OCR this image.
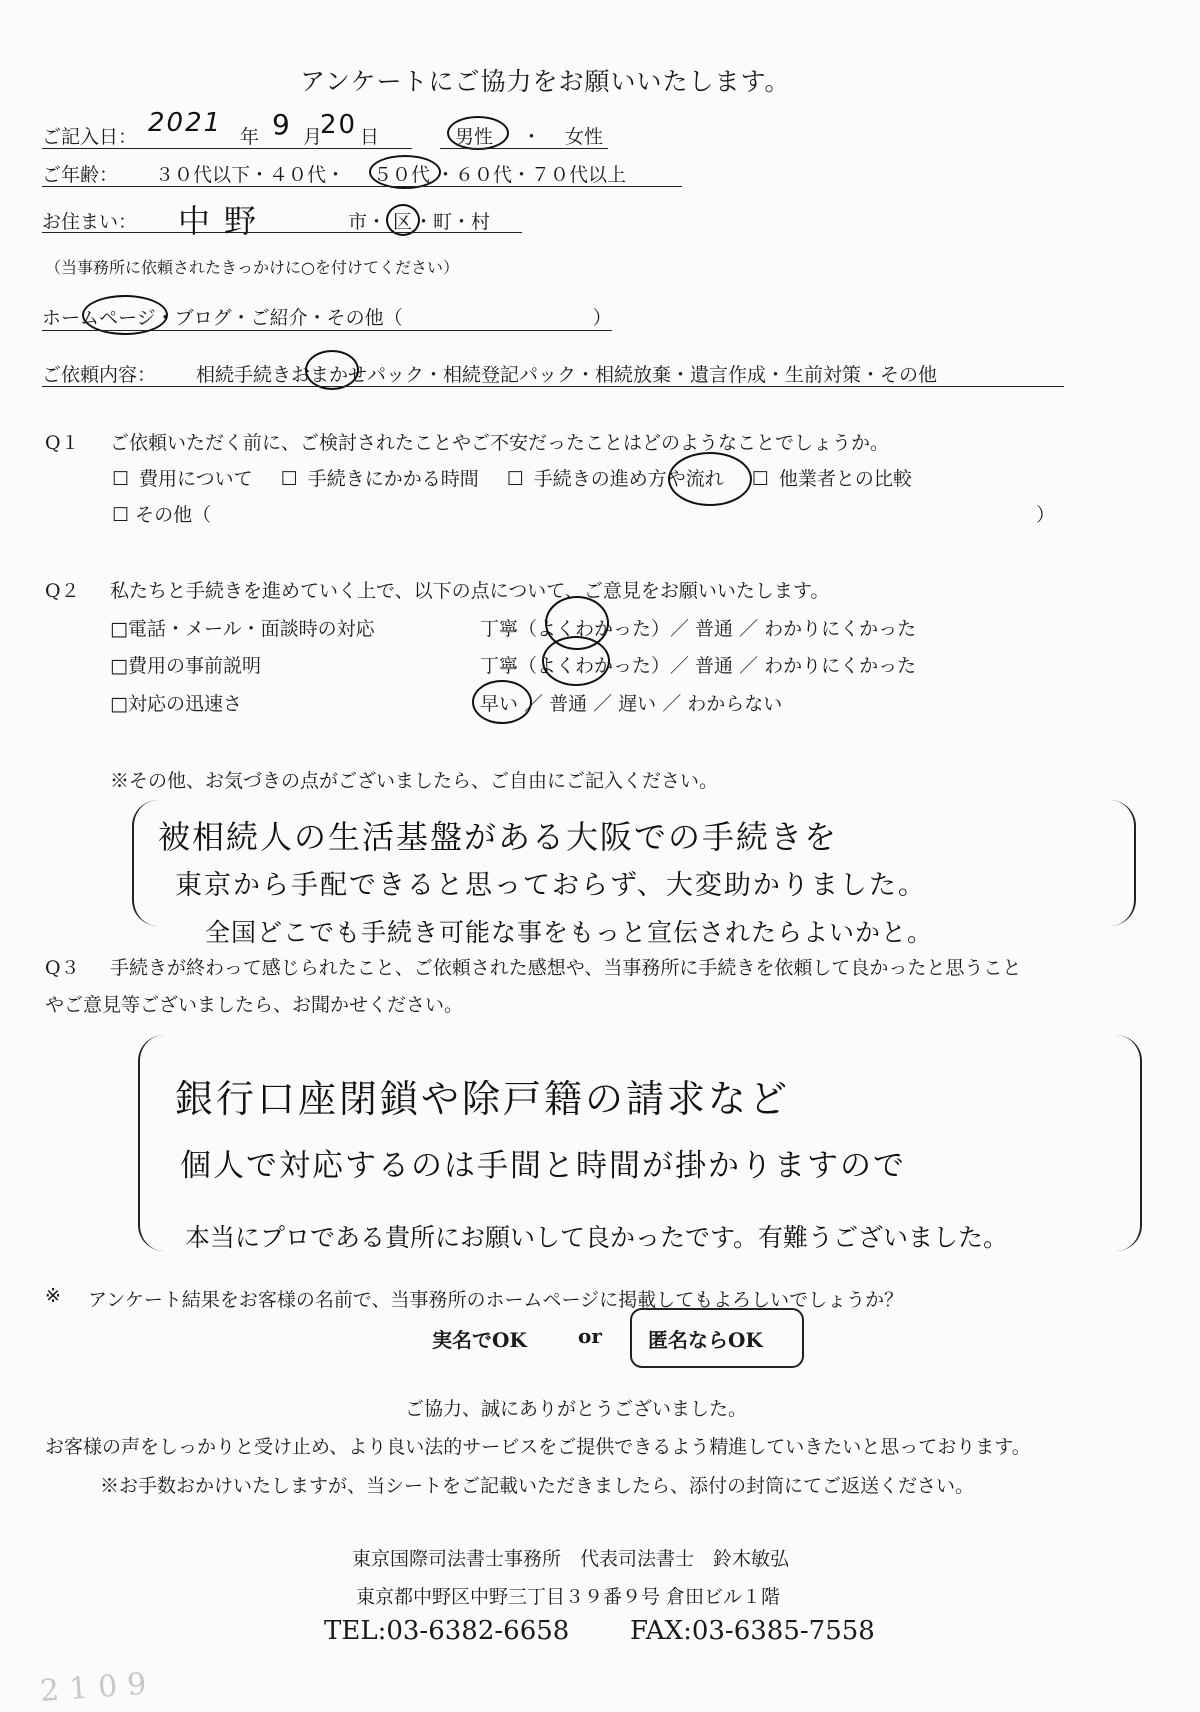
アンケートにご協力をお願いいたします。
ご記入日： 2021 年 9 月
20 日	男性 ・ 女性
ご年齢： ３０代以下・４０代・ ５０代 ・６０代・７０代以上
お住まい： 中野	市・ 区 ・町・村
（当事務所に依頼されたきっかけに○を付けてください）
ホームページ・ブログ・ご紹介・その他（　　　　　　　　　　）
ご依頼内容： 相続手続きおまかせパック・相続登記パック・相続放棄・遺言作成・生前対策・その他
Q１ ご依頼いただく前に、ご検討されたことやご不安だったことはどのようなことでしょうか。
☐ 費用について	☐ 手続きにかかる時間	☐ 手続きの進め方や流れ	☐ 他業者との比較
☐ その他（	）
Q２ 私たちと手続きを進めていく上で、以下の点について、ご意見をお願いいたします。
□電話・メール・面談時の対応	丁寧（よくわかった）／ 普通 ／ わかりにくかった
□費用の事前説明	丁寧（よくわかった）／ 普通 ／ わかりにくかった
□対応の迅速さ	早い ／ 普通 ／ 遅い ／ わからない
※その他、お気づきの点がございましたら、ご自由にご記入ください。
被相続人の生活基盤がある大阪での手続きを
東京から手配できると思っておらず、大変助かりました。
全国どこでも手続き可能な事をもっと宣伝されたらよいかと。
Q３ 手続きが終わって感じられたこと、ご依頼された感想や、当事務所に手続きを依頼して良かったと思うこと
やご意見等ございましたら、お聞かせください。
銀行口座閉鎖や除戸籍の請求など
個人で対応するのは手間と時間が掛かりますので
本当にプロである貴所にお願いして良かったです。有難うございました。
※ アンケート結果をお客様の名前で、当事務所のホームページに掲載してもよろしいでしょうか？
実名でOK	or 匿名ならOK
ご協力、誠にありがとうございました。
お客様の声をしっかりと受け止め、より良い法的サービスをご提供できるよう精進していきたいと思っております。
※お手数おかけいたしますが、当シートをご記載いただきましたら、添付の封筒にてご返送ください。
東京国際司法書士事務所　代表司法書士　鈴木敏弘
東京都中野区中野三丁目３９番９号 倉田ビル１階
TEL:03-6382-6658 FAX:03-6385-7558
2109
